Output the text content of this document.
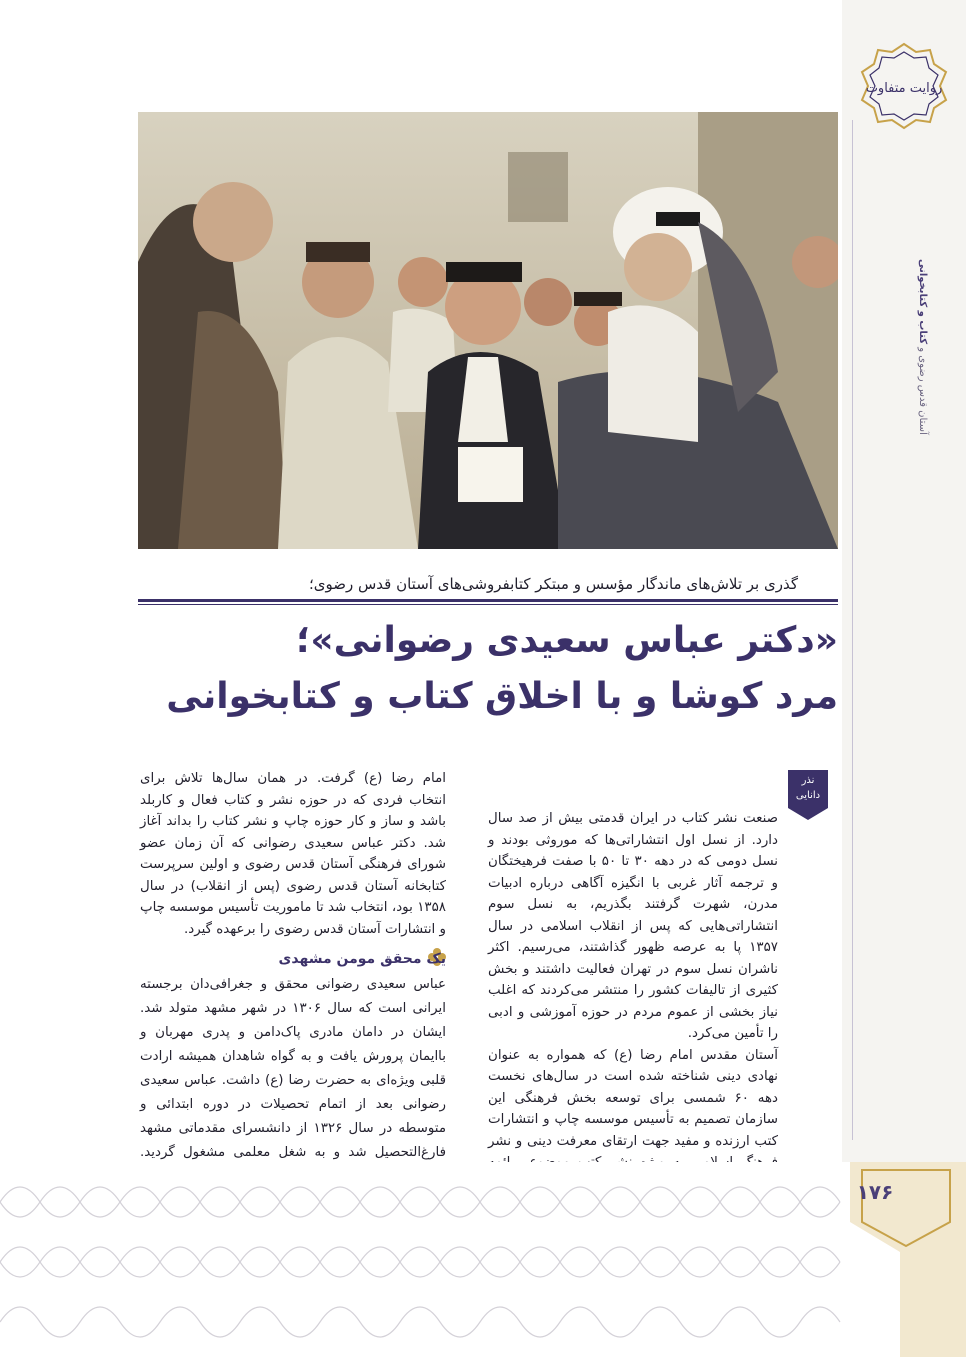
روایت متفاوت
آستان قدس رضوی و کتاب و کتابخوانی
گذری بر تلاش‌های ماندگار مؤسس و مبتکر کتابفروشی‌های آستان قدس رضوی؛
«دکتر عباس سعیدی رضوانی»؛
مرد کوشا و با اخلاق کتاب و کتابخوانی
نذر
دانایی

صنعت نشر کتاب در ایران قدمتی بیش از صد سال دارد. از نسل اول انتشاراتی‌ها که موروثی بودند و نسل دومی که در دهه ۳۰ تا ۵۰ با صفت فرهیختگان و ترجمه آثار غربی با انگیزه آگاهی درباره ادبیات مدرن، شهرت گرفتند بگذریم، به نسل سوم انتشاراتی‌هایی که پس از انقلاب اسلامی در سال ۱۳۵۷ پا به عرصه ظهور گذاشتند، می‌رسیم. اکثر ناشران نسل سوم در تهران فعالیت داشتند و بخش کثیری از تالیفات کشور را منتشر می‌کردند که اغلب نیاز بخشی از عموم مردم در حوزه آموزشی و ادبی را تأمین می‌کرد.

آستان مقدس امام رضا (ع) که همواره به عنوان نهادی دینی شناخته شده است در سال‌های نخست دهه ۶۰ شمسی برای توسعه بخش فرهنگی این سازمان تصمیم به تأسیس موسسه چاپ و انتشارات کتب ارزنده و مفید جهت ارتقای معرفت دینی و نشر

امام رضا (ع) گرفت. در همان سال‌ها تلاش برای انتخاب فردی که در حوزه نشر و کتاب فعال و کاربلد باشد و ساز و کار حوزه چاپ و نشر کتاب را بداند آغاز شد. دکتر عباس سعیدی رضوانی که آن زمان عضو شورای فرهنگی آستان قدس رضوی و اولین سرپرست کتابخانه آستان قدس رضوی (پس از انقلاب) در سال ۱۳۵۸ بود، انتخاب شد تا ماموریت تأسیس موسسه چاپ و انتشارات آستان قدس رضوی را برعهده گیرد.

یک محقق مومن مشهدی

عباس سعیدی رضوانی محقق و جغرافی‌دان برجسته ایرانی است که سال ۱۳۰۶ در شهر مشهد متولد شد. ایشان در دامان مادری پاک‌دامن و پدری مهربان و باایمان پرورش یافت و به گواه شاهدان همیشه ارادت قلبی ویژه‌ای به حضرت رضا (ع) داشت. عباس سعیدی رضوانی بعد از اتمام تحصیلات در دوره ابتدائی و متوسطه در سال ۱۳۲۶ از دانشسرای مقدماتی مشهد فارغ‌التحصیل شد و به شغل معلمی مشغول گردید.

۱۷۶
